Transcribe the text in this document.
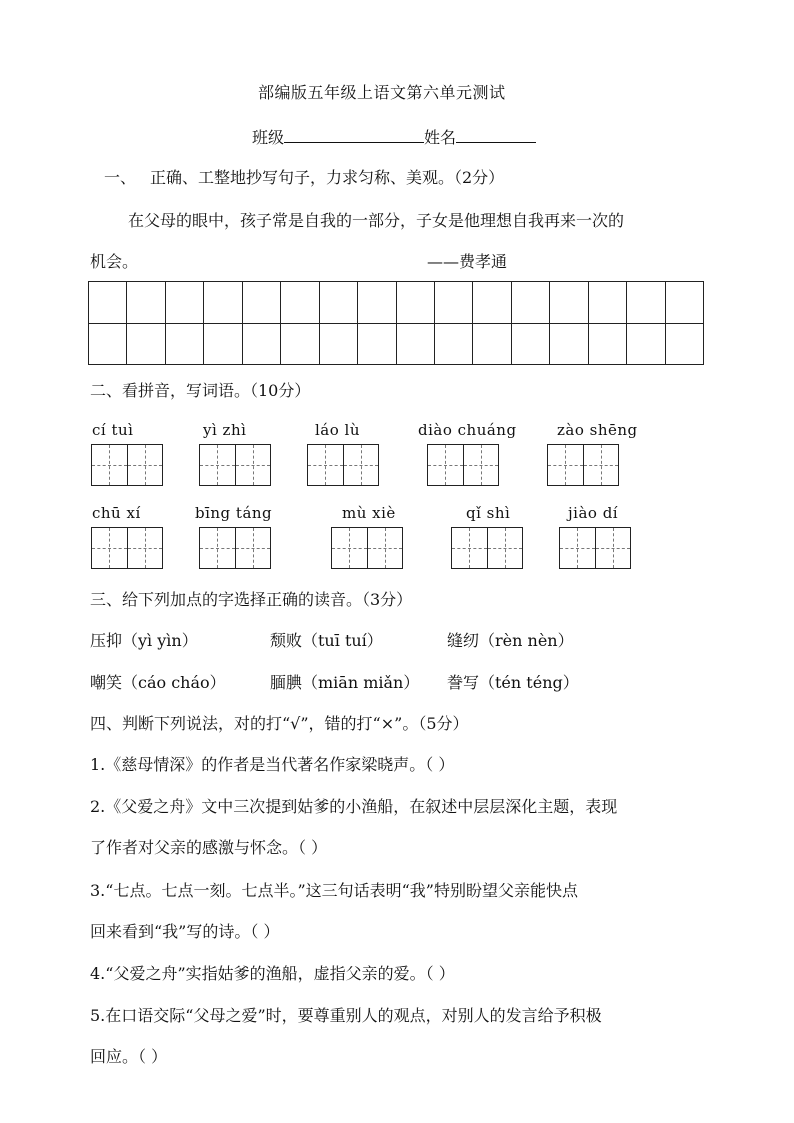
部编版五年级上语文第六单元测试
班级	姓名
一、 正确、工整地抄写句子，力求匀称、美观。（2分）
在父母的眼中，孩子常是自我的一部分，子女是他理想自我再来一次的
机会。	——费孝通
二、看拼音，写词语。（10分）
cí tuì	yì zhì	láo lù	diào chuáng	zào shēng
chū xí	bīng táng	mù xiè	qǐ shì	jiào dí
三、给下列加点的字选择正确的读音。（3分）
压抑（yì yìn）	颓败（tuī tuí）	缝纫（rèn nèn）
嘲笑（cáo cháo）	腼腆（miān miǎn） 誊写（tén téng）
四、判断下列说法，对的打“√”，错的打“×”。（5分）
1.《慈母情深》的作者是当代著名作家梁晓声。（ ）
2.《父爱之舟》文中三次提到姑爹的小渔船，在叙述中层层深化主题，表现
了作者对父亲的感激与怀念。（ ）
3.“七点。七点一刻。七点半。”这三句话表明“我”特别盼望父亲能快点
回来看到“我”写的诗。（ ）
4.“父爱之舟”实指姑爹的渔船，虚指父亲的爱。（ ）
5.在口语交际“父母之爱”时，要尊重别人的观点，对别人的发言给予积极
回应。（ ）
